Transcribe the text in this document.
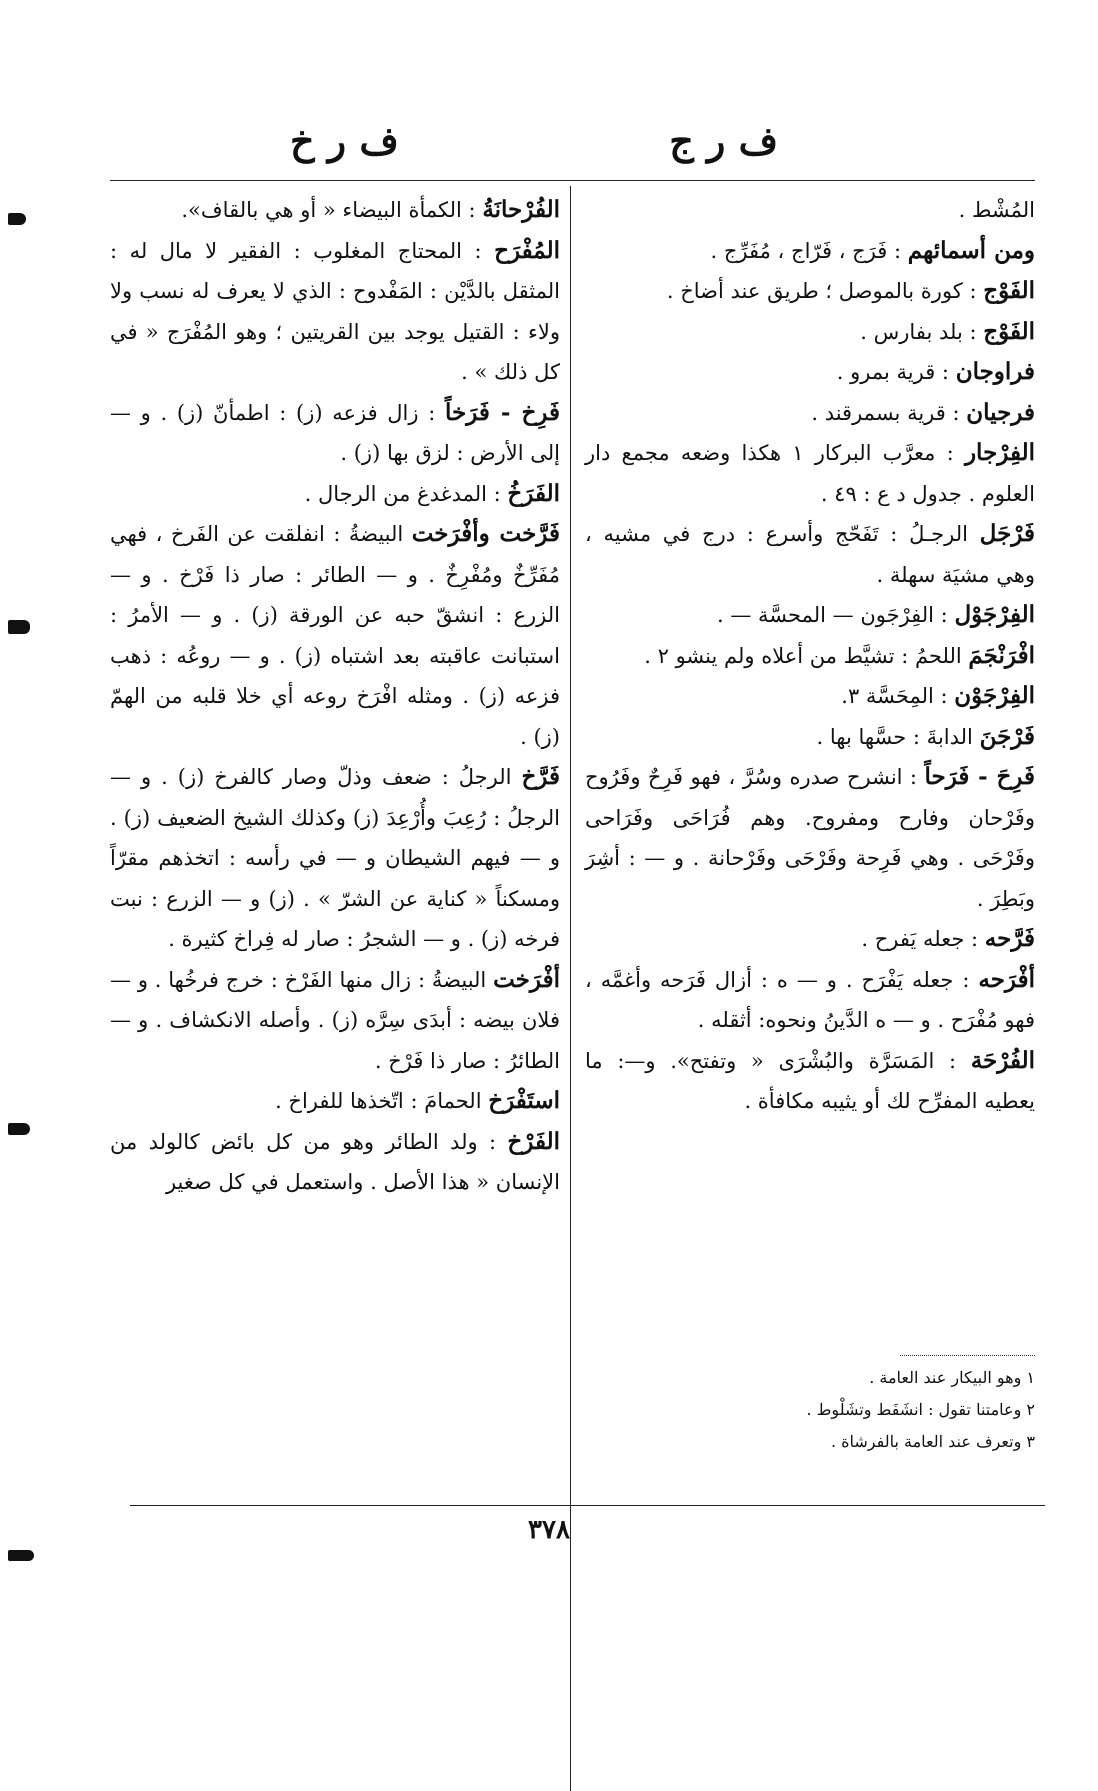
ف ر ج
ف ر خ

المُشْط .

ومن أسمائهم : فَرَج ، فَرّاج ، مُفَرِّج .

الفَوْج : كورة بالموصل ؛ طريق عند أضاخ .

الفَوْج : بلد بفارس .

فراوجان : قرية بمرو .

فرجيان : قرية بسمرقند .

الفِرْجار : معرَّب البركار ١ هكذا وضعه مجمع دار العلوم . جدول د ع : ٤٩ .

فَرْجَل الرجـلُ : تَفَحّج وأسرع : درج في مشيه ، وهي مشيَة سهلة .

الفِرْجَوْل : الفِرْجَون — المحسَّة — .

افْرَنْجَمَ اللحمُ : تشيَّط من أعلاه ولم ينشو ٢ .

الفِرْجَوْن : المِحَسَّة ٣.

فَرْجَنَ الدابةَ : حسَّها بها .

فَرِحَ - فَرَحاً : انشرح صدره وسُرَّ ، فهو فَرِحٌ وفَرُوح وفَرْحان وفارح ومفروح. وهم فُرَاحَى وفَرَاحى وفَرْحَى . وهي فَرِحة وفَرْحَى وفَرْحانة . و — : أشِرَ وبَطِرَ .

فَرَّحه : جعله يَفرح .

أفْرَحه : جعله يَفْرَح . و — ه : أزال فَرَحه وأغمَّه ، فهو مُفْرَح . و — ه الدَّينُ ونحوه: أثقله .

الفُرْحَة : المَسَرَّة والبُشْرَى « وتفتح». و—: ما يعطيه المفرِّح لك أو يثيبه مكافأة .

١ وهو البيكار عند العامة .
٢ وعامتنا تقول : انشَفَط وتشَلْوط .
٣ وتعرف عند العامة بالفرشاة .

الفُرْحانَةُ : الكمأة البيضاء « أو هي بالقاف».

المُفْرَح : المحتاج المغلوب : الفقير لا مال له : المثقل بالدَّيْن : المَفْدوح : الذي لا يعرف له نسب ولا ولاء : القتيل يوجد بين القريتين ؛ وهو المُفْرَج « في كل ذلك » .

فَرِخ - فَرَخاً : زال فزعه (ز) : اطمأنّ (ز) . و — إلى الأرض : لزق بها (ز) .

الفَرَخُ : المدغدغ من الرجال .

فَرَّخت وأفْرَخت البيضةُ : انفلقت عن الفَرخ ، فهي مُفَرِّخٌ ومُفْرِخٌ . و — الطائر : صار ذا فَرْخ . و — الزرع : انشقّ حبه عن الورقة (ز) . و — الأمرُ : استبانت عاقبته بعد اشتباه (ز) . و — روعُه : ذهب فزعه (ز) . ومثله افْرَخ روعه أي خلا قلبه من الهمّ (ز) .

فَرَّخ الرجلُ : ضعف وذلّ وصار كالفرخ (ز) . و — الرجلُ : رُعِبَ وأُرْعِدَ (ز) وكذلك الشيخ الضعيف (ز) . و — فيهم الشيطان و — في رأسه : اتخذهم مقرّاً ومسكناً « كناية عن الشرّ » . (ز) و — الزرع : نبت فرخه (ز) . و — الشجرُ : صار له فِراخ كثيرة .

أفْرَخت البيضةُ : زال منها الفَرْخ : خرج فرخُها . و — فلان بيضه : أبدَى سِرَّه (ز) . وأصله الانكشاف . و — الطائرُ : صار ذا فَرْخ .

استَفْرَخ الحمامَ : اتّخذها للفراخ .

الفَرْخ : ولد الطائر وهو من كل بائض كالولد من الإنسان « هذا الأصل . واستعمل في كل صغير

٣٧٨
